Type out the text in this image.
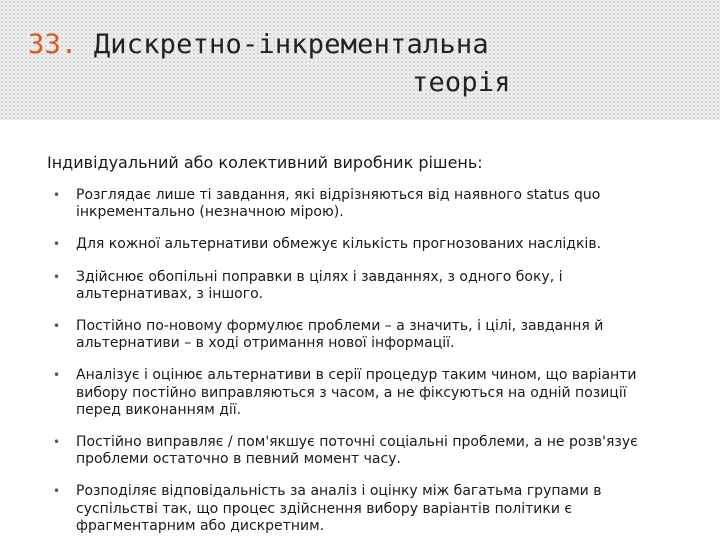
33. Дискретно-інкрементальна
теорія

Індивідуальний або колективний виробник рішень:

• Розглядає лише ті завдання, які відрізняються від наявного status quo інкрементально (незначною мірою).
• Для кожної альтернативи обмежує кількість прогнозованих наслідків.
• Здійснює обопільні поправки в цілях і завданнях, з одного боку, і альтернативах, з іншого.
• Постійно по-новому формулює проблеми – а значить, і цілі, завдання й альтернативи – в ході отримання нової інформації.
• Аналізує і оцінює альтернативи в серії процедур таким чином, що варіанти вибору постійно виправляються з часом, а не фіксуються на одній позиції перед виконанням дії.
• Постійно виправляє / пом'якшує поточні соціальні проблеми, а не розв'язує проблеми остаточно в певний момент часу.
• Розподіляє відповідальність за аналіз і оцінку між багатьма групами в суспільстві так, що процес здійснення вибору варіантів політики є фрагментарним або дискретним.
